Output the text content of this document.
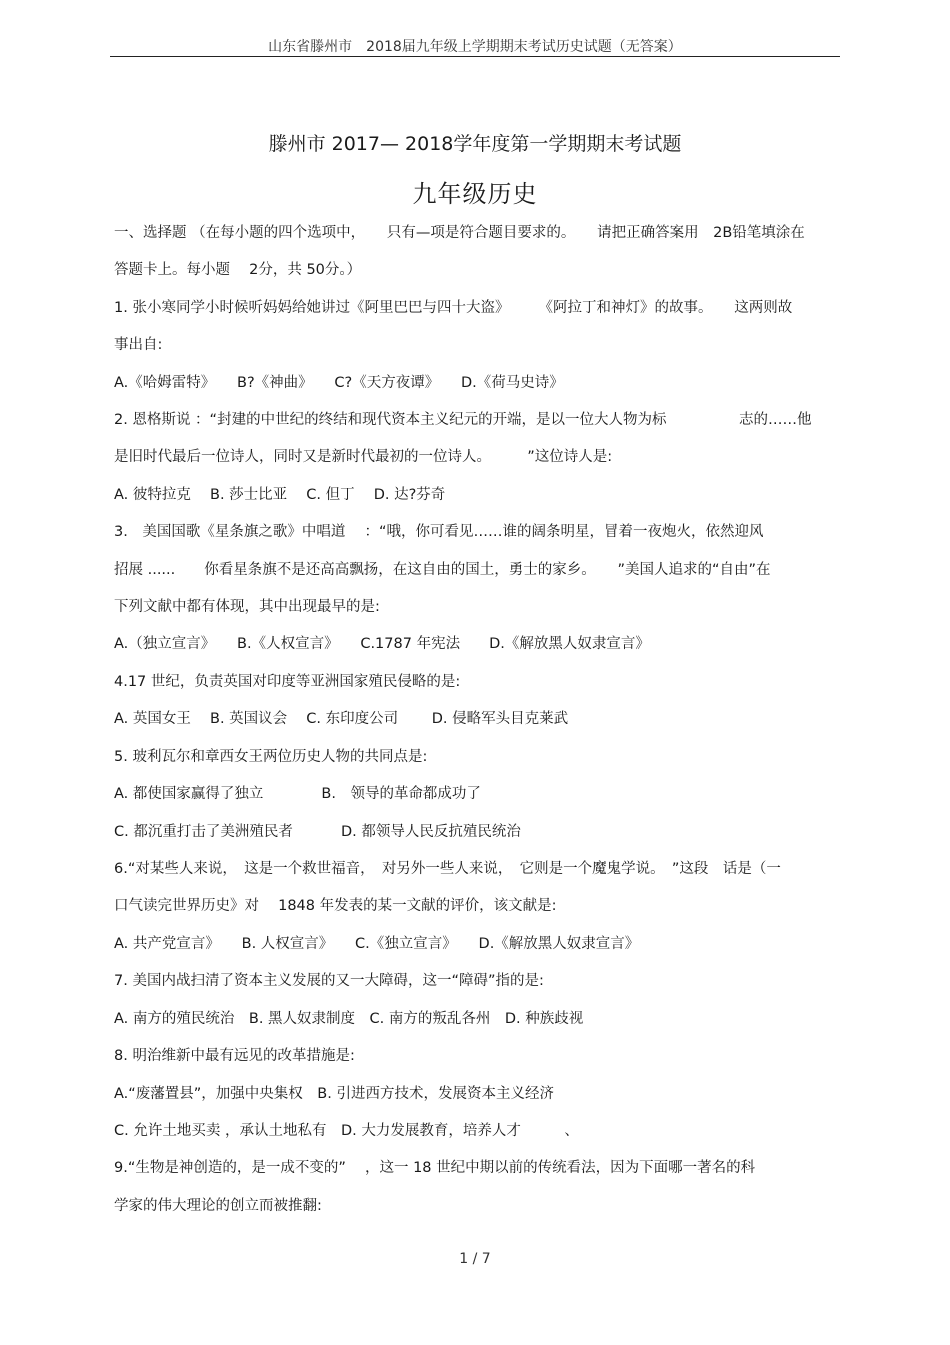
山东省滕州市　2018届九年级上学期期末考试历史试题（无答案）
滕州市 2017— 2018学年度第一学期期末考试题
九年级历史
一、选择题 （在每小题的四个选项中，　　只有—项是符合题目要求的。　　请把正确答案用　2B铅笔填涂在
答题卡上。每小题　 2分，共 50分。）
1. 张小寒同学小时候听妈妈给她讲过《阿里巴巴与四十大盗》　　　《阿拉丁和神灯》的故事。　　这两则故
事出自:
A.《哈姆雷特》　　B?《神曲》　　C?《天方夜谭》　　D.《荷马史诗》
2. 恩格斯说 ：“封建的中世纪的终结和现代资本主义纪元的开端，是以一位大人物为标　　　　　志的……他
是旧时代最后一位诗人，同时又是新时代最初的一位诗人。　　　”这位诗人是:
A. 彼特拉克　 B. 莎士比亚　 C. 但丁　 D. 达?芬奇
3.　美国国歌《星条旗之歌》中唱道　 ：“哦，你可看见……谁的阔条明星，冒着一夜炮火，依然迎风
招展 ......　　你看星条旗不是还高高飘扬，在这自由的国土，勇士的家乡。　　”美国人追求的“自由”在
下列文献中都有体现，其中出现最早的是:
A.（独立宣言》　　B.《人权宣言》　　C.1787 年宪法　　D.《解放黑人奴隶宣言》
4.17 世纪，负责英国对印度等亚洲国家殖民侵略的是:
A. 英国女王　 B. 英国议会　 C. 东印度公司　　 D. 侵略军头目克莱武
5. 玻利瓦尔和章西女王两位历史人物的共同点是:
A. 都使国家赢得了独立　　　　B.　领导的革命都成功了
C. 都沉重打击了美洲殖民者　　　 D. 都领导人民反抗殖民统治
6.“对某些人来说，　这是一个救世福音，　对另外一些人来说，　它则是一个魔鬼学说。　”这段　话是（一
口气读完世界历史》对　 1848 年发表的某一文献的评价，该文献是:
A. 共产党宣言》　　B. 人权宣言》　　C.《独立宣言》　　D.《解放黑人奴隶宣言》
7. 美国内战扫清了资本主义发展的又一大障碍，这一“障碍”指的是:
A. 南方的殖民统治　B. 黑人奴隶制度　C. 南方的叛乱各州　D. 种族歧视
8. 明治维新中最有远见的改革措施是:
A.“废藩置县”，加强中央集权　B. 引进西方技术，发展资本主义经济
C. 允许土地买卖 ，承认土地私有　D. 大力发展教育，培养人才　　　、
9.“生物是神创造的，是一成不变的”　 ，这一 18 世纪中期以前的传统看法，因为下面哪一著名的科
学家的伟大理论的创立而被推翻:
1 / 7
